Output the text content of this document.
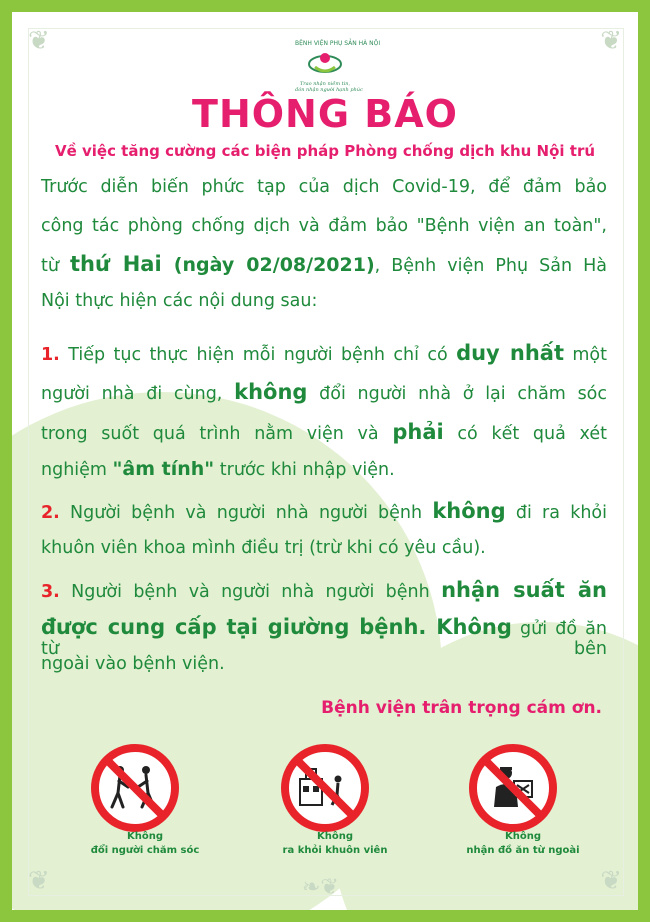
❦	❦
❦	❦
❧❦
BỆNH VIỆN PHỤ SẢN HÀ NỘI
Trao nhận niềm tin,
đón nhận người hạnh phúc
THÔNG BÁO
Về việc tăng cường các biện pháp Phòng chống dịch khu Nội trú
Trước diễn biến phức tạp của dịch Covid-19, để đảm bảo
công tác phòng chống dịch và đảm bảo "Bệnh viện an toàn",
từ thứ Hai (ngày 02/08/2021), Bệnh viện Phụ Sản Hà
Nội thực hiện các nội dung sau:
1. Tiếp tục thực hiện mỗi người bệnh chỉ có duy nhất một
người nhà đi cùng, không đổi người nhà ở lại chăm sóc
trong suốt quá trình nằm viện và phải có kết quả xét
nghiệm "âm tính" trước khi nhập viện.
2. Người bệnh và người nhà người bệnh không đi ra khỏi
khuôn viên khoa mình điều trị (trừ khi có yêu cầu).
3. Người bệnh và người nhà người bệnh nhận suất ăn
được cung cấp tại giường bệnh. Không gửi đồ ăn từ bên
ngoài vào bệnh viện.
Bệnh viện trân trọng cám ơn.
Không
đổi người chăm sóc
Không
ra khỏi khuôn viên
Không
nhận đồ ăn từ ngoài
